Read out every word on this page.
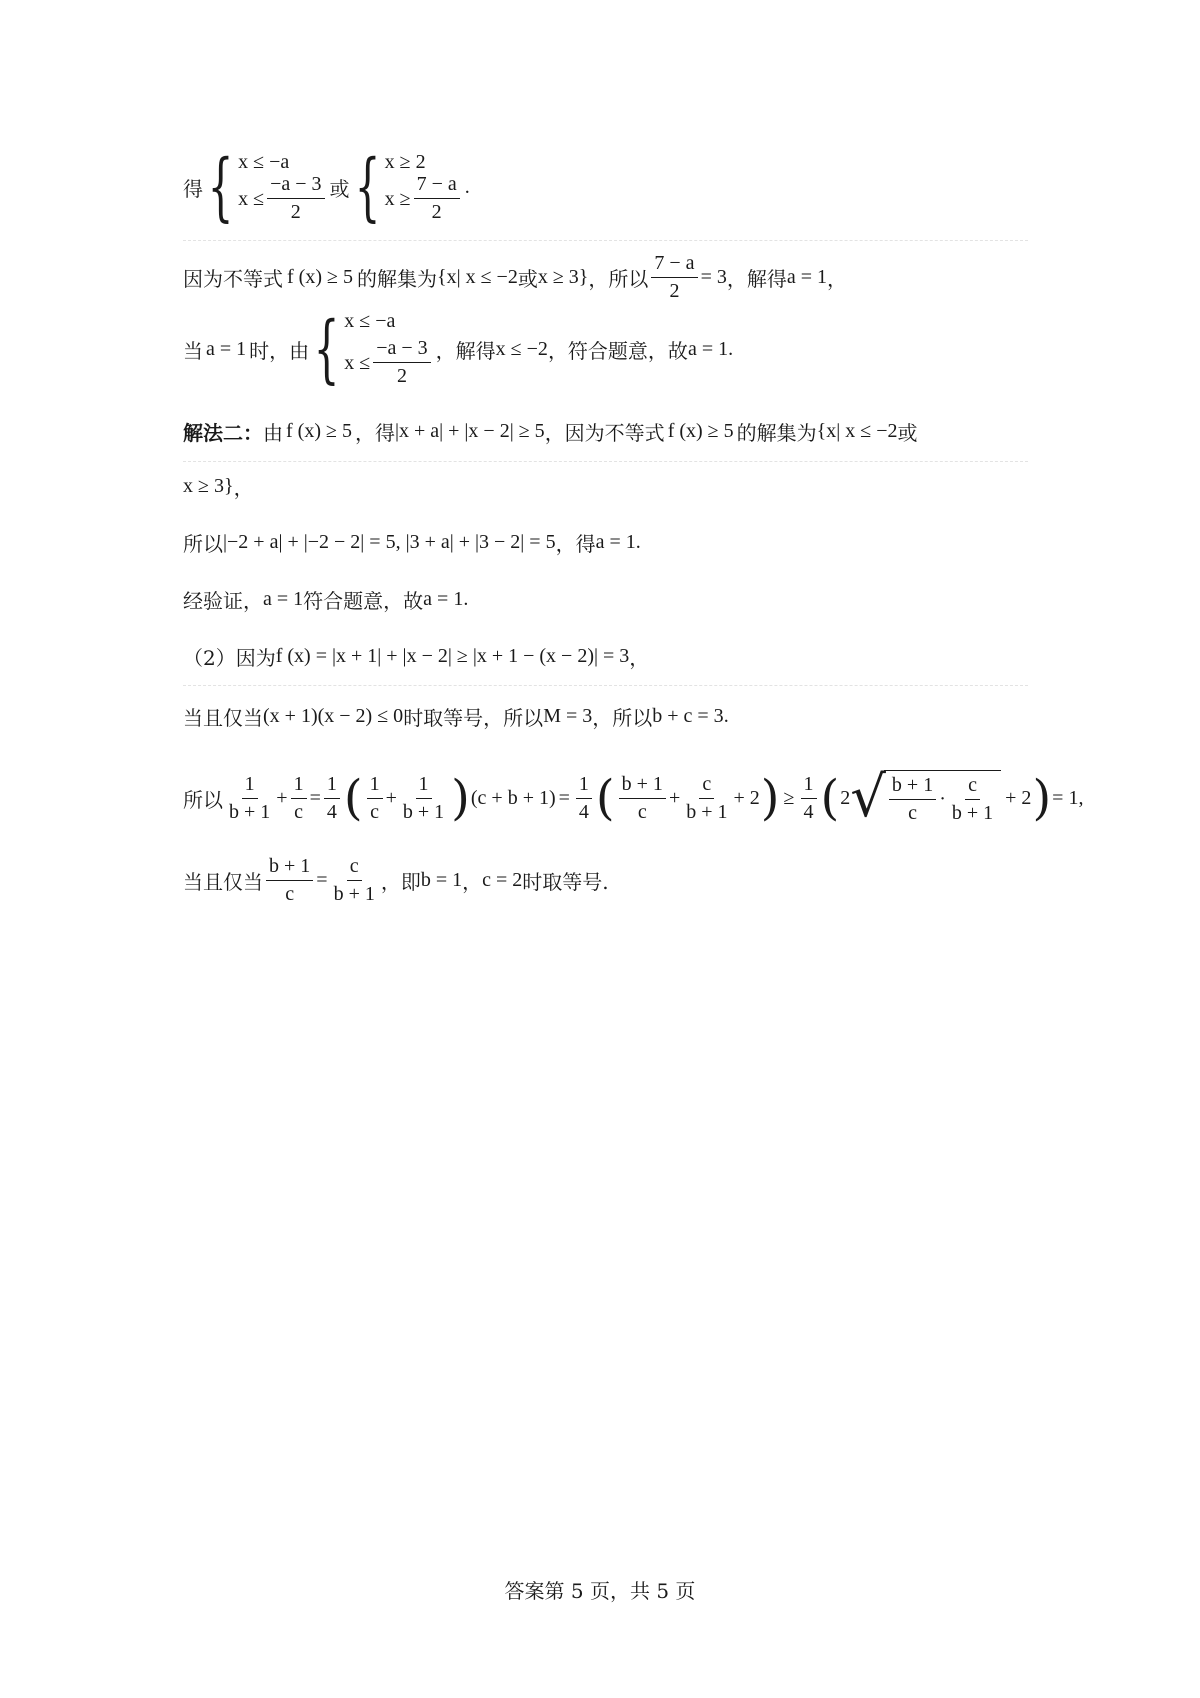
得 { x ≤ −a
$x \le \frac{-a - 3}{2}$ 或 { x ≥ 2
$x \ge \frac{7 - a}{2}$ .
因为不等式 f (x) ≥ 5 的解集为 {x| x ≤ −2 或 x ≥ 3} ，所以 $\frac{7 - a}{2} = 3$ ，解得 a = 1 ，
当 a = 1 时，由 { x ≤ −a
$x \le \frac{-a - 3}{2}$ ，解得 x ≤ −2 ，符合题意，故 a = 1 .
解法二： 由 f (x) ≥ 5 ，得 |x + a| + |x − 2| ≥ 5 ，因为不等式 f (x) ≥ 5 的解集为 {x| x ≤ −2 或
x ≥ 3} ，
所以 |−2 + a| + |−2 − 2| = 5, |3 + a| + |3 − 2| = 5 ，得 a = 1 .
经验证， a = 1 符合题意，故 a = 1 .
（2）因为 f (x) = |x + 1| + |x − 2| ≥ |x + 1 − (x − 2)| = 3 ，
当且仅当 (x + 1)(x − 2) ≤ 0 时取等号，所以 M = 3 ，所以 b + c = 3 .
所以 $\frac{1}{b + 1} + \frac{1}{c} = \frac{1}{4}$ ( $\frac{1}{c} + \frac{1}{b + 1}$ ) $(c + b + 1) = \frac{1}{4}$ ( $\frac{b + 1}{c} + \frac{c}{b + 1} + 2$ ) ≥ $\frac{1}{4}$ ( 2 √ $\frac{b + 1}{c} \cdot \frac{c}{b + 1} + 2$ ) = 1,
当且仅当 $\frac{b + 1}{c} = \frac{c}{b + 1}$ ，即 b = 1 ， c = 2 时取等号.
答案第 5 页，共 5 页
